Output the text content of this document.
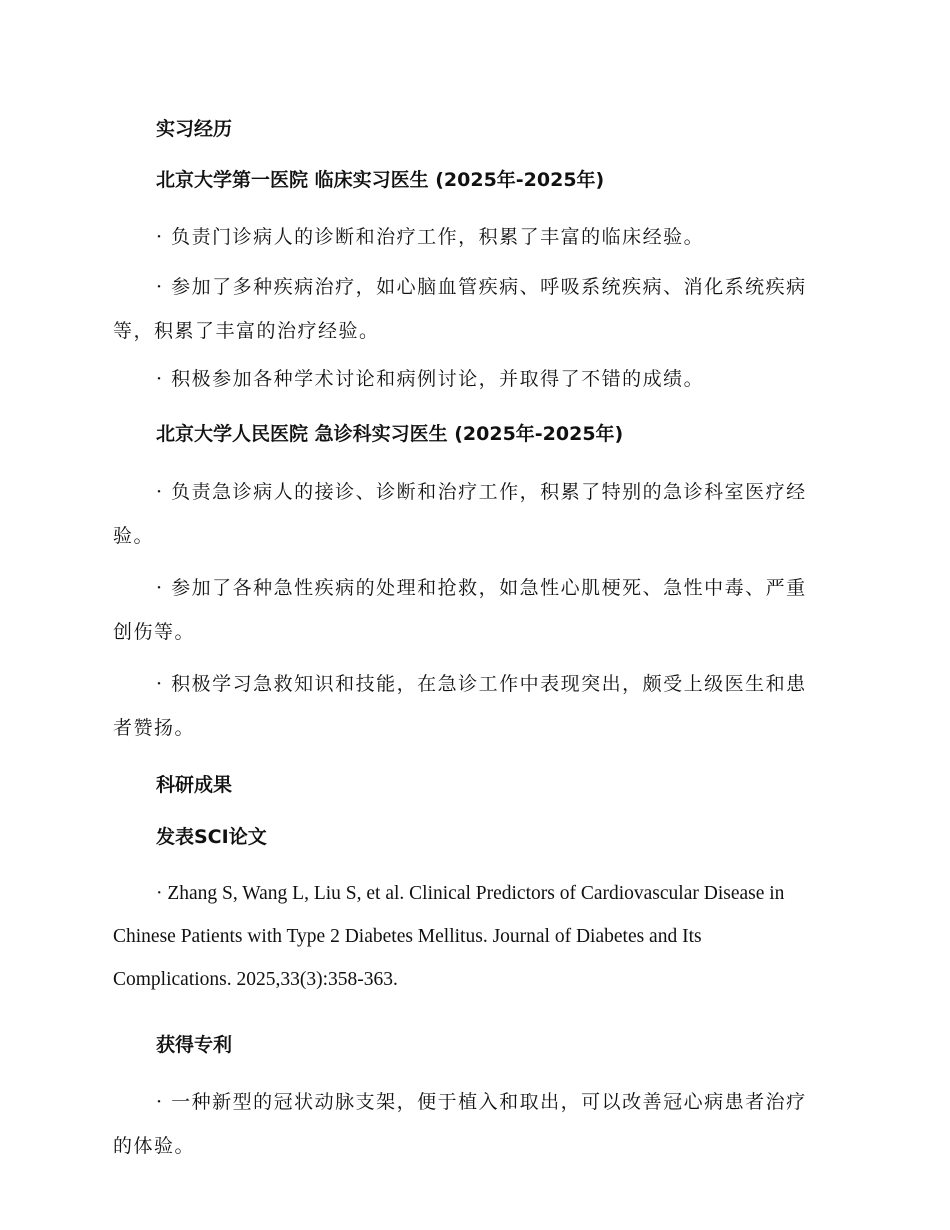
实习经历

北京大学第一医院 临床实习医生 (2025年-2025年)

· 负责门诊病人的诊断和治疗工作，积累了丰富的临床经验。

· 参加了多种疾病治疗，如心脑血管疾病、呼吸系统疾病、消化系统疾病等，积累了丰富的治疗经验。

· 积极参加各种学术讨论和病例讨论，并取得了不错的成绩。

北京大学人民医院 急诊科实习医生 (2025年-2025年)

· 负责急诊病人的接诊、诊断和治疗工作，积累了特别的急诊科室医疗经验。

· 参加了各种急性疾病的处理和抢救，如急性心肌梗死、急性中毒、严重创伤等。

· 积极学习急救知识和技能，在急诊工作中表现突出，颇受上级医生和患者赞扬。

科研成果

发表SCI论文

· Zhang S, Wang L, Liu S, et al. Clinical Predictors of Cardiovascular Disease in Chinese Patients with Type 2 Diabetes Mellitus. Journal of Diabetes and Its Complications. 2025,33(3):358-363.

获得专利

· 一种新型的冠状动脉支架，便于植入和取出，可以改善冠心病患者治疗的体验。
